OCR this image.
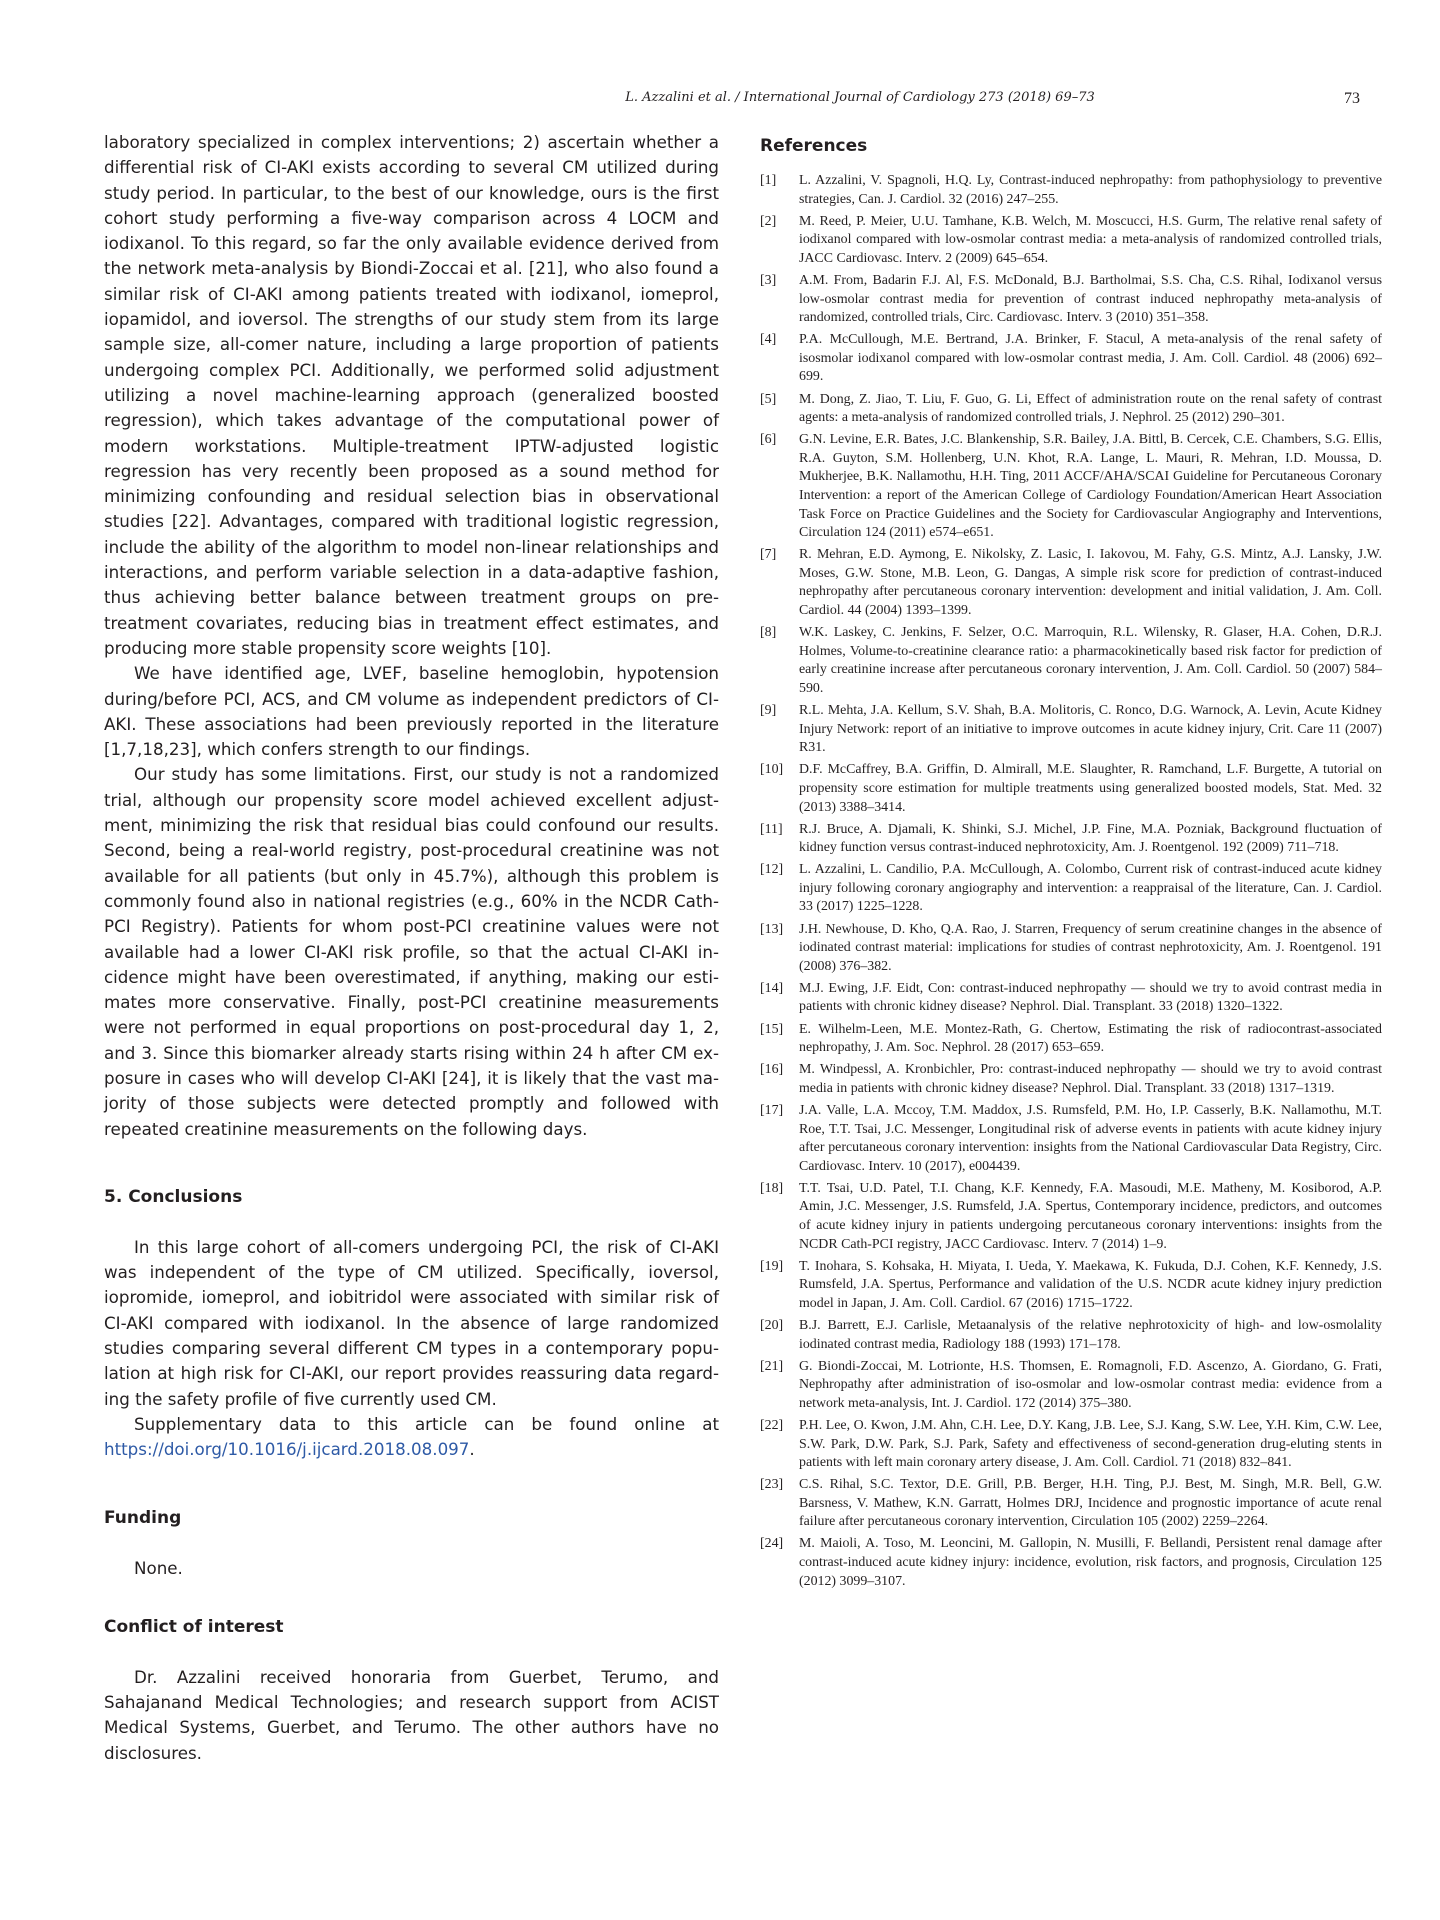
L. Azzalini et al. / International Journal of Cardiology 273 (2018) 69–73	73

laboratory specialized in complex interventions; 2) ascertain whether a differential risk of CI-AKI exists according to several CM utilized during study period. In particular, to the best of our knowledge, ours is the first cohort study performing a five-way comparison across 4 LOCM and iodixanol. To this regard, so far the only available evidence derived from the network meta-analysis by Biondi-Zoccai et al. [21], who also found a similar risk of CI-AKI among patients treated with iodixanol, iomeprol, iopamidol, and ioversol. The strengths of our study stem from its large sample size, all-comer nature, including a large proportion of patients undergoing complex PCI. Additionally, we performed solid adjustment utilizing a novel machine-learning approach (generalized boosted regression), which takes advantage of the computational power of modern workstations. Multiple-treatment IPTW-adjusted logistic regression has very recently been proposed as a sound method for minimizing confounding and residual selection bias in observational studies [22]. Advantages, compared with traditional logistic regression, include the ability of the algorithm to model non-linear relationships and interactions, and perform variable selection in a data-adaptive fashion, thus achieving better balance between treatment groups on pretreatment covariates, reducing bias in treatment effect estimates, and producing more stable propensity score weights [10].

We have identified age, LVEF, baseline hemoglobin, hypotension during/before PCI, ACS, and CM volume as independent predictors of CI-AKI. These associations had been previously reported in the literature [1,7,18,23], which confers strength to our findings.

Our study has some limitations. First, our study is not a randomized trial, although our propensity score model achieved excellent adjustment, minimizing the risk that residual bias could confound our results. Second, being a real-world registry, post-procedural creatinine was not available for all patients (but only in 45.7%), although this problem is commonly found also in national registries (e.g., 60% in the NCDR Cath-PCI Registry). Patients for whom post-PCI creatinine values were not available had a lower CI-AKI risk profile, so that the actual CI-AKI incidence might have been overestimated, if anything, making our estimates more conservative. Finally, post-PCI creatinine measurements were not performed in equal proportions on post-procedural day 1, 2, and 3. Since this biomarker already starts rising within 24 h after CM exposure in cases who will develop CI-AKI [24], it is likely that the vast majority of those subjects were detected promptly and followed with repeated creatinine measurements on the following days.

5. Conclusions

In this large cohort of all-comers undergoing PCI, the risk of CI-AKI was independent of the type of CM utilized. Specifically, ioversol, iopromide, iomeprol, and iobitridol were associated with similar risk of CI-AKI compared with iodixanol. In the absence of large randomized studies comparing several different CM types in a contemporary population at high risk for CI-AKI, our report provides reassuring data regarding the safety profile of five currently used CM.

Supplementary data to this article can be found online at https://doi.org/10.1016/j.ijcard.2018.08.097.

Funding

None.

Conflict of interest

Dr. Azzalini received honoraria from Guerbet, Terumo, and Sahajanand Medical Technologies; and research support from ACIST Medical Systems, Guerbet, and Terumo. The other authors have no disclosures.

References
[1] L. Azzalini, V. Spagnoli, H.Q. Ly, Contrast-induced nephropathy: from pathophysiology to preventive strategies, Can. J. Cardiol. 32 (2016) 247–255.
[2] M. Reed, P. Meier, U.U. Tamhane, K.B. Welch, M. Moscucci, H.S. Gurm, The relative renal safety of iodixanol compared with low-osmolar contrast media: a meta-analysis of randomized controlled trials, JACC Cardiovasc. Interv. 2 (2009) 645–654.
[3] A.M. From, Badarin F.J. Al, F.S. McDonald, B.J. Bartholmai, S.S. Cha, C.S. Rihal, Iodixanol versus low-osmolar contrast media for prevention of contrast induced nephropathy meta-analysis of randomized, controlled trials, Circ. Cardiovasc. Interv. 3 (2010) 351–358.
[4] P.A. McCullough, M.E. Bertrand, J.A. Brinker, F. Stacul, A meta-analysis of the renal safety of isosmolar iodixanol compared with low-osmolar contrast media, J. Am. Coll. Cardiol. 48 (2006) 692–699.
[5] M. Dong, Z. Jiao, T. Liu, F. Guo, G. Li, Effect of administration route on the renal safety of contrast agents: a meta-analysis of randomized controlled trials, J. Nephrol. 25 (2012) 290–301.
[6] G.N. Levine, E.R. Bates, J.C. Blankenship, S.R. Bailey, J.A. Bittl, B. Cercek, C.E. Chambers, S.G. Ellis, R.A. Guyton, S.M. Hollenberg, U.N. Khot, R.A. Lange, L. Mauri, R. Mehran, I.D. Moussa, D. Mukherjee, B.K. Nallamothu, H.H. Ting, 2011 ACCF/AHA/SCAI Guideline for Percutaneous Coronary Intervention: a report of the American College of Cardiology Foundation/American Heart Association Task Force on Practice Guidelines and the Society for Cardiovascular Angiography and Interventions, Circulation 124 (2011) e574–e651.
[7] R. Mehran, E.D. Aymong, E. Nikolsky, Z. Lasic, I. Iakovou, M. Fahy, G.S. Mintz, A.J. Lansky, J.W. Moses, G.W. Stone, M.B. Leon, G. Dangas, A simple risk score for prediction of contrast-induced nephropathy after percutaneous coronary intervention: development and initial validation, J. Am. Coll. Cardiol. 44 (2004) 1393–1399.
[8] W.K. Laskey, C. Jenkins, F. Selzer, O.C. Marroquin, R.L. Wilensky, R. Glaser, H.A. Cohen, D.R.J. Holmes, Volume-to-creatinine clearance ratio: a pharmacokinetically based risk factor for prediction of early creatinine increase after percutaneous coronary intervention, J. Am. Coll. Cardiol. 50 (2007) 584–590.
[9] R.L. Mehta, J.A. Kellum, S.V. Shah, B.A. Molitoris, C. Ronco, D.G. Warnock, A. Levin, Acute Kidney Injury Network: report of an initiative to improve outcomes in acute kidney injury, Crit. Care 11 (2007) R31.
[10] D.F. McCaffrey, B.A. Griffin, D. Almirall, M.E. Slaughter, R. Ramchand, L.F. Burgette, A tutorial on propensity score estimation for multiple treatments using generalized boosted models, Stat. Med. 32 (2013) 3388–3414.
[11] R.J. Bruce, A. Djamali, K. Shinki, S.J. Michel, J.P. Fine, M.A. Pozniak, Background fluctuation of kidney function versus contrast-induced nephrotoxicity, Am. J. Roentgenol. 192 (2009) 711–718.
[12] L. Azzalini, L. Candilio, P.A. McCullough, A. Colombo, Current risk of contrast-induced acute kidney injury following coronary angiography and intervention: a reappraisal of the literature, Can. J. Cardiol. 33 (2017) 1225–1228.
[13] J.H. Newhouse, D. Kho, Q.A. Rao, J. Starren, Frequency of serum creatinine changes in the absence of iodinated contrast material: implications for studies of contrast nephrotoxicity, Am. J. Roentgenol. 191 (2008) 376–382.
[14] M.J. Ewing, J.F. Eidt, Con: contrast-induced nephropathy — should we try to avoid contrast media in patients with chronic kidney disease? Nephrol. Dial. Transplant. 33 (2018) 1320–1322.
[15] E. Wilhelm-Leen, M.E. Montez-Rath, G. Chertow, Estimating the risk of radiocontrast-associated nephropathy, J. Am. Soc. Nephrol. 28 (2017) 653–659.
[16] M. Windpessl, A. Kronbichler, Pro: contrast-induced nephropathy — should we try to avoid contrast media in patients with chronic kidney disease? Nephrol. Dial. Transplant. 33 (2018) 1317–1319.
[17] J.A. Valle, L.A. Mccoy, T.M. Maddox, J.S. Rumsfeld, P.M. Ho, I.P. Casserly, B.K. Nallamothu, M.T. Roe, T.T. Tsai, J.C. Messenger, Longitudinal risk of adverse events in patients with acute kidney injury after percutaneous coronary intervention: insights from the National Cardiovascular Data Registry, Circ. Cardiovasc. Interv. 10 (2017), e004439.
[18] T.T. Tsai, U.D. Patel, T.I. Chang, K.F. Kennedy, F.A. Masoudi, M.E. Matheny, M. Kosiborod, A.P. Amin, J.C. Messenger, J.S. Rumsfeld, J.A. Spertus, Contemporary incidence, predictors, and outcomes of acute kidney injury in patients undergoing percutaneous coronary interventions: insights from the NCDR Cath-PCI registry, JACC Cardiovasc. Interv. 7 (2014) 1–9.
[19] T. Inohara, S. Kohsaka, H. Miyata, I. Ueda, Y. Maekawa, K. Fukuda, D.J. Cohen, K.F. Kennedy, J.S. Rumsfeld, J.A. Spertus, Performance and validation of the U.S. NCDR acute kidney injury prediction model in Japan, J. Am. Coll. Cardiol. 67 (2016) 1715–1722.
[20] B.J. Barrett, E.J. Carlisle, Metaanalysis of the relative nephrotoxicity of high- and low-osmolality iodinated contrast media, Radiology 188 (1993) 171–178.
[21] G. Biondi-Zoccai, M. Lotrionte, H.S. Thomsen, E. Romagnoli, F.D. Ascenzo, A. Giordano, G. Frati, Nephropathy after administration of iso-osmolar and low-osmolar contrast media: evidence from a network meta-analysis, Int. J. Cardiol. 172 (2014) 375–380.
[22] P.H. Lee, O. Kwon, J.M. Ahn, C.H. Lee, D.Y. Kang, J.B. Lee, S.J. Kang, S.W. Lee, Y.H. Kim, C.W. Lee, S.W. Park, D.W. Park, S.J. Park, Safety and effectiveness of second-generation drug-eluting stents in patients with left main coronary artery disease, J. Am. Coll. Cardiol. 71 (2018) 832–841.
[23] C.S. Rihal, S.C. Textor, D.E. Grill, P.B. Berger, H.H. Ting, P.J. Best, M. Singh, M.R. Bell, G.W. Barsness, V. Mathew, K.N. Garratt, Holmes DRJ, Incidence and prognostic importance of acute renal failure after percutaneous coronary intervention, Circulation 105 (2002) 2259–2264.
[24] M. Maioli, A. Toso, M. Leoncini, M. Gallopin, N. Musilli, F. Bellandi, Persistent renal damage after contrast-induced acute kidney injury: incidence, evolution, risk factors, and prognosis, Circulation 125 (2012) 3099–3107.
